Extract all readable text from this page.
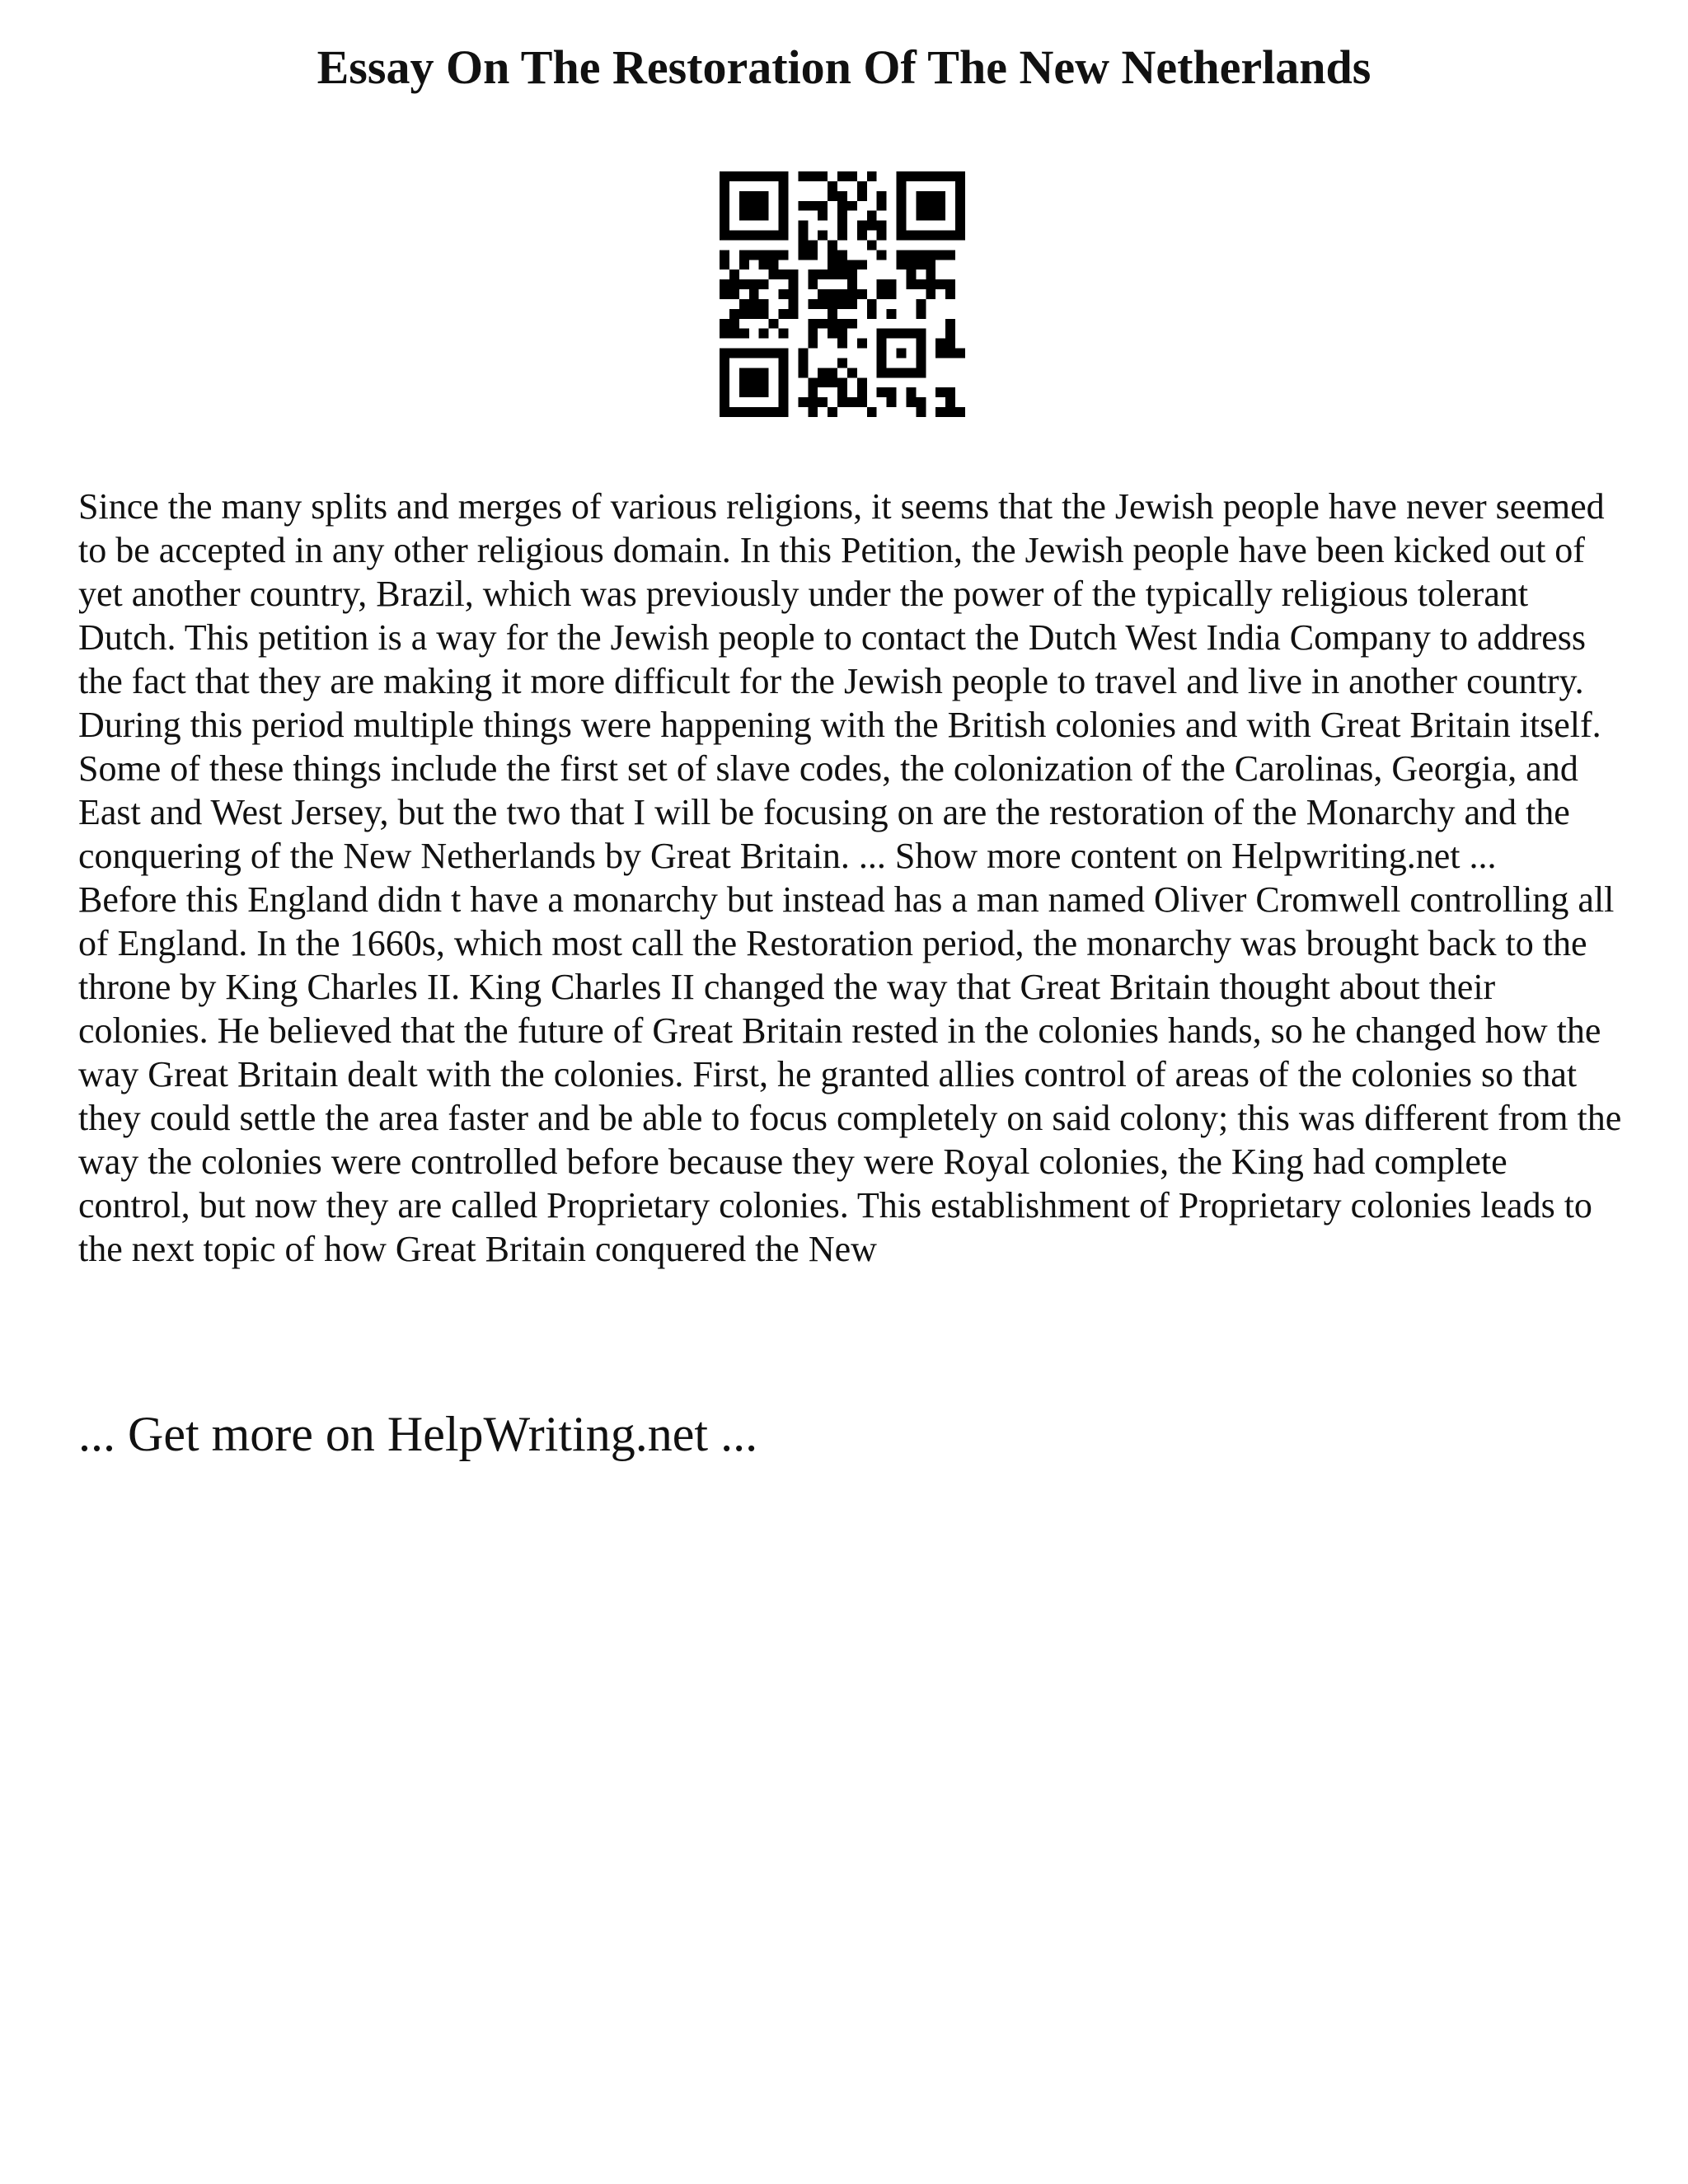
Essay On The Restoration Of The New Netherlands

Since the many splits and merges of various religions, it seems that the Jewish people have never seemed to be accepted in any other religious domain. In this Petition, the Jewish people have been kicked out of yet another country, Brazil, which was previously under the power of the typically religious tolerant Dutch. This petition is a way for the Jewish people to contact the Dutch West India Company to address the fact that they are making it more difficult for the Jewish people to travel and live in another country.

During this period multiple things were happening with the British colonies and with Great Britain itself. Some of these things include the first set of slave codes, the colonization of the Carolinas, Georgia, and East and West Jersey, but the two that I will be focusing on are the restoration of the Monarchy and the conquering of the New Netherlands by Great Britain. ... Show more content on Helpwriting.net ...

Before this England didn t have a monarchy but instead has a man named Oliver Cromwell controlling all of England. In the 1660s, which most call the Restoration period, the monarchy was brought back to the throne by King Charles II. King Charles II changed the way that Great Britain thought about their colonies. He believed that the future of Great Britain rested in the colonies hands, so he changed how the way Great Britain dealt with the colonies. First, he granted allies control of areas of the colonies so that they could settle the area faster and be able to focus completely on said colony; this was different from the way the colonies were controlled before because they were Royal colonies, the King had complete control, but now they are called Proprietary colonies. This establishment of Proprietary colonies leads to the next topic of how Great Britain conquered the New

... Get more on HelpWriting.net ...
